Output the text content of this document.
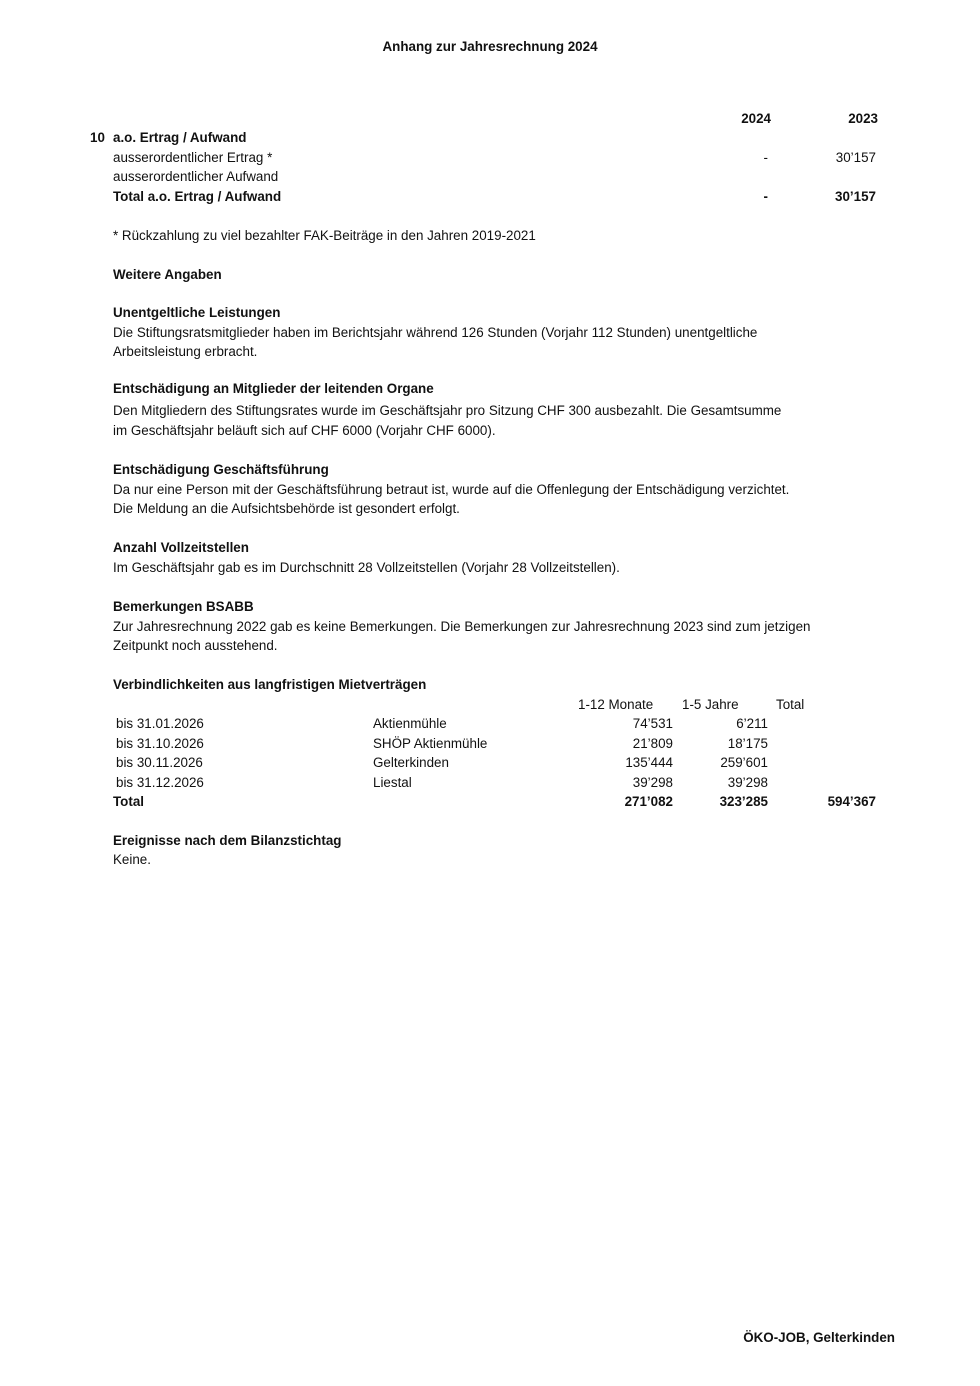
Anhang zur Jahresrechnung 2024
2024	2023
10 a.o. Ertrag / Aufwand
ausserordentlicher Ertrag *	-	30’157
ausserordentlicher Aufwand
Total a.o. Ertrag / Aufwand	-	30’157
* Rückzahlung zu viel bezahlter FAK-Beiträge in den Jahren 2019-2021
Weitere Angaben
Unentgeltliche Leistungen
Die Stiftungsratsmitglieder haben im Berichtsjahr während 126 Stunden (Vorjahr 112 Stunden) unentgeltliche
Arbeitsleistung erbracht.
Entschädigung an Mitglieder der leitenden Organe
Den Mitgliedern des Stiftungsrates wurde im Geschäftsjahr pro Sitzung CHF 300 ausbezahlt. Die Gesamtsumme
im Geschäftsjahr beläuft sich auf CHF 6000 (Vorjahr CHF 6000).
Entschädigung Geschäftsführung
Da nur eine Person mit der Geschäftsführung betraut ist, wurde auf die Offenlegung der Entschädigung verzichtet.
Die Meldung an die Aufsichtsbehörde ist gesondert erfolgt.
Anzahl Vollzeitstellen
Im Geschäftsjahr gab es im Durchschnitt 28 Vollzeitstellen (Vorjahr 28 Vollzeitstellen).
Bemerkungen BSABB
Zur Jahresrechnung 2022 gab es keine Bemerkungen. Die Bemerkungen zur Jahresrechnung 2023 sind zum jetzigen
Zeitpunkt noch ausstehend.
Verbindlichkeiten aus langfristigen Mietverträgen
1-12 Monate 1-5 Jahre	Total
bis 31.01.2026	Aktienmühle	74’531	6’211
bis 31.10.2026	SHÖP Aktienmühle	21’809	18’175
bis 30.11.2026	Gelterkinden	135’444	259’601
bis 31.12.2026	Liestal	39’298	39’298
Total	271’082	323’285	594’367
Ereignisse nach dem Bilanzstichtag
Keine.
ÖKO-JOB, Gelterkinden
